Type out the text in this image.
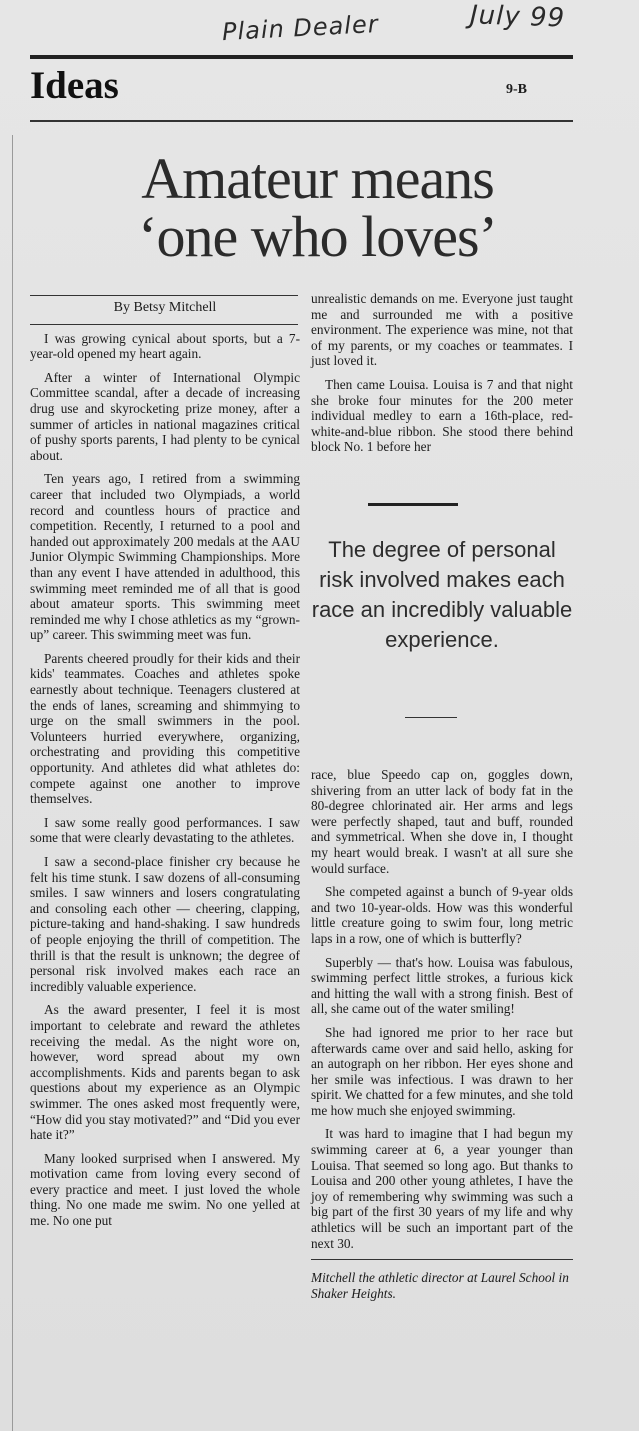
Plain Dealer	July 99
Ideas	9-B
Amateur means
‘one who loves’

By Betsy Mitchell

I was growing cynical about sports, but a 7-year-old opened my heart again.

After a winter of International Olympic Committee scandal, after a decade of increasing drug use and skyrocketing prize money, after a summer of articles in national magazines critical of pushy sports parents, I had plenty to be cynical about.

Ten years ago, I retired from a swimming career that included two Olympiads, a world record and countless hours of practice and competition. Recently, I returned to a pool and handed out approximately 200 medals at the AAU Junior Olympic Swimming Championships. More than any event I have attended in adulthood, this swimming meet reminded me of all that is good about amateur sports. This swimming meet reminded me why I chose athletics as my “grown-up” career. This swimming meet was fun.

Parents cheered proudly for their kids and their kids' teammates. Coaches and athletes spoke earnestly about technique. Teenagers clustered at the ends of lanes, screaming and shimmying to urge on the small swimmers in the pool. Volunteers hurried everywhere, organizing, orchestrating and providing this competitive opportunity. And athletes did what athletes do: compete against one another to improve themselves.

I saw some really good performances. I saw some that were clearly devastating to the athletes.

I saw a second-place finisher cry because he felt his time stunk. I saw dozens of all-consuming smiles. I saw winners and losers congratulating and consoling each other — cheering, clapping, picture-taking and hand-shaking. I saw hundreds of people enjoying the thrill of competition. The thrill is that the result is unknown; the degree of personal risk involved makes each race an incredibly valuable experience.

As the award presenter, I feel it is most important to celebrate and reward the athletes receiving the medal. As the night wore on, however, word spread about my own accomplishments. Kids and parents began to ask questions about my experience as an Olympic swimmer. The ones asked most frequently were, “How did you stay motivated?” and “Did you ever hate it?”

Many looked surprised when I answered. My motivation came from loving every second of every practice and meet. I just loved the whole thing. No one made me swim. No one yelled at me. No one put

unrealistic demands on me. Everyone just taught me and surrounded me with a positive environment. The experience was mine, not that of my parents, or my coaches or teammates. I just loved it.

Then came Louisa. Louisa is 7 and that night she broke four minutes for the 200 meter individual medley to earn a 16th-place, red-white-and-blue ribbon. She stood there behind block No. 1 before her

The degree of personal risk involved makes each race an incredibly valuable experience.

race, blue Speedo cap on, goggles down, shivering from an utter lack of body fat in the 80-degree chlorinated air. Her arms and legs were perfectly shaped, taut and buff, rounded and symmetrical. When she dove in, I thought my heart would break. I wasn't at all sure she would surface.

She competed against a bunch of 9-year olds and two 10-year-olds. How was this wonderful little creature going to swim four, long metric laps in a row, one of which is butterfly?

Superbly — that's how. Louisa was fabulous, swimming perfect little strokes, a furious kick and hitting the wall with a strong finish. Best of all, she came out of the water smiling!

She had ignored me prior to her race but afterwards came over and said hello, asking for an autograph on her ribbon. Her eyes shone and her smile was infectious. I was drawn to her spirit. We chatted for a few minutes, and she told me how much she enjoyed swimming.

It was hard to imagine that I had begun my swimming career at 6, a year younger than Louisa. That seemed so long ago. But thanks to Louisa and 200 other young athletes, I have the joy of remembering why swimming was such a big part of the first 30 years of my life and why athletics will be such an important part of the next 30.

Mitchell the athletic director at Laurel School in Shaker Heights.
